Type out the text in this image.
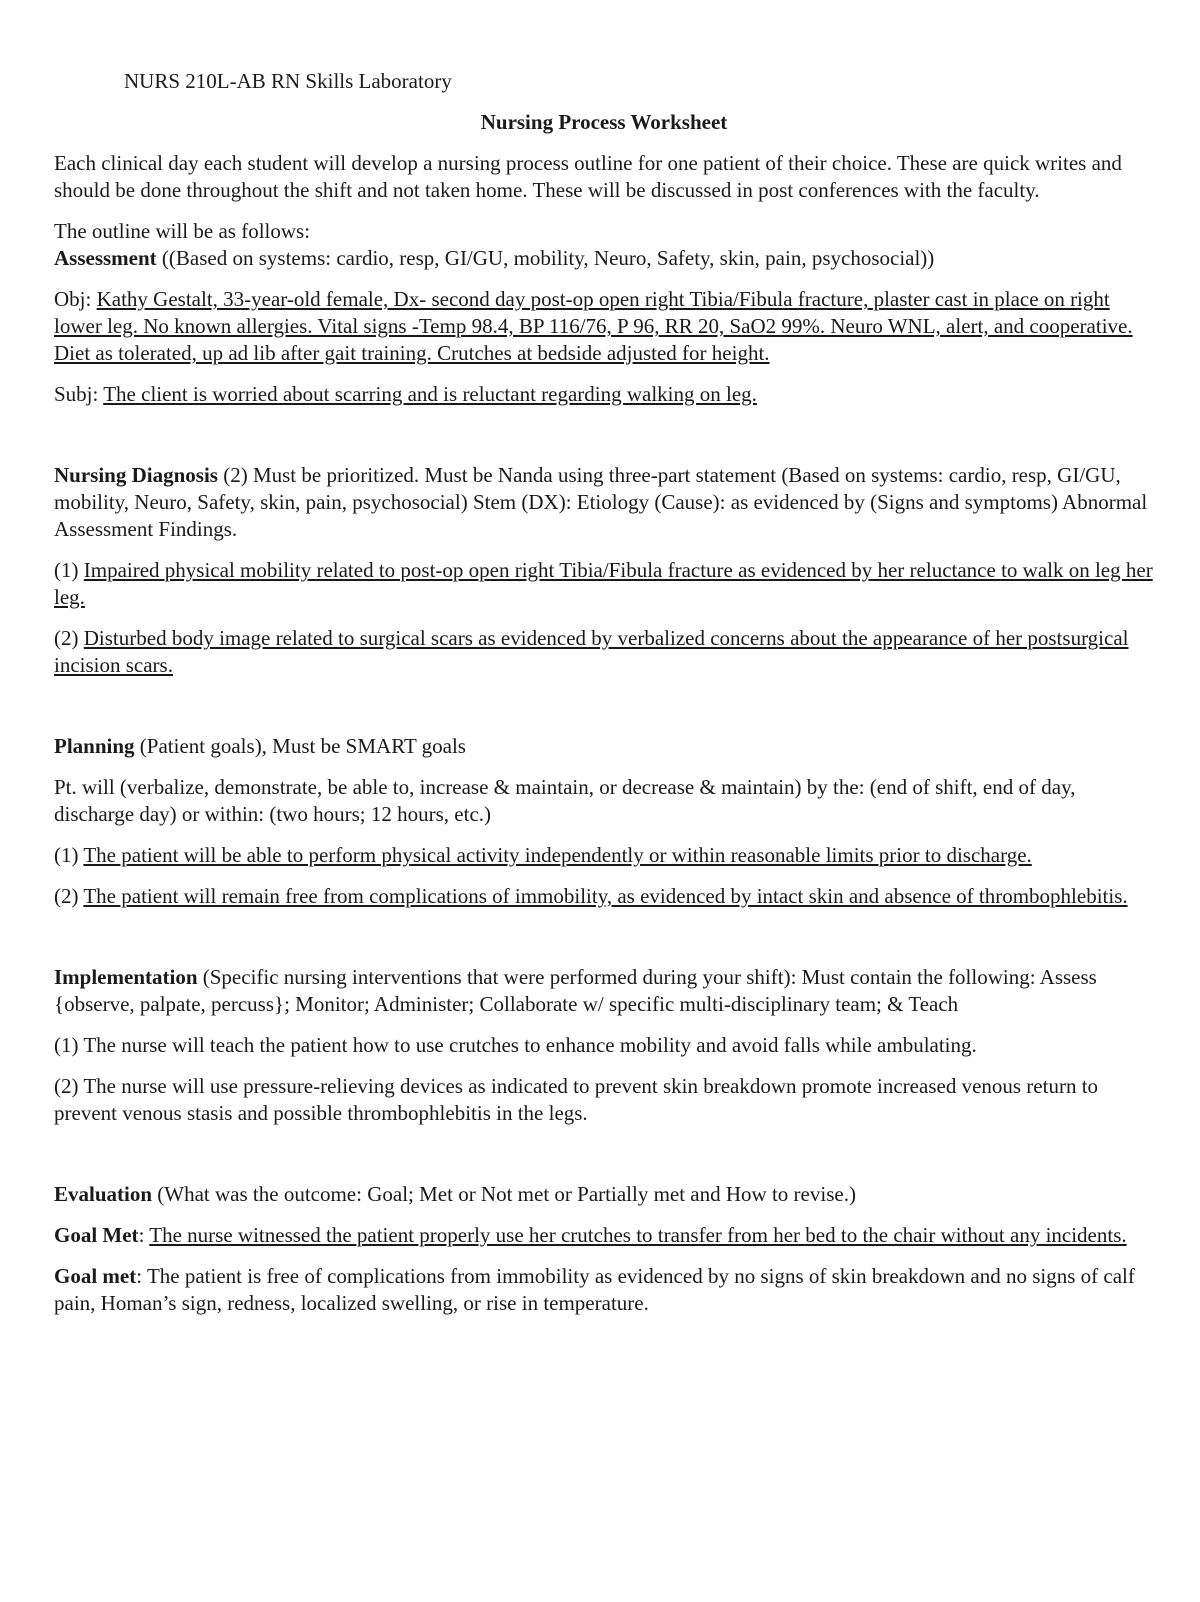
NURS 210L-AB RN Skills Laboratory
Nursing Process Worksheet

Each clinical day each student will develop a nursing process outline for one patient of their choice. These are quick writes and should be done throughout the shift and not taken home. These will be discussed in post conferences with the faculty.

The outline will be as follows:

Assessment ((Based on systems: cardio, resp, GI/GU, mobility, Neuro, Safety, skin, pain, psychosocial))

Obj: Kathy Gestalt, 33-year-old female, Dx- second day post-op open right Tibia/Fibula fracture, plaster cast in place on right lower leg. No known allergies. Vital signs -Temp 98.4, BP 116/76, P 96, RR 20, SaO2 99%. Neuro WNL, alert, and cooperative. Diet as tolerated, up ad lib after gait training. Crutches at bedside adjusted for height.

Subj: The client is worried about scarring and is reluctant regarding walking on leg.

Nursing Diagnosis (2) Must be prioritized. Must be Nanda using three-part statement (Based on systems: cardio, resp, GI/GU, mobility, Neuro, Safety, skin, pain, psychosocial) Stem (DX): Etiology (Cause): as evidenced by (Signs and symptoms) Abnormal Assessment Findings.

(1) Impaired physical mobility related to post-op open right Tibia/Fibula fracture as evidenced by her reluctance to walk on leg her leg.

(2) Disturbed body image related to surgical scars as evidenced by verbalized concerns about the appearance of her postsurgical incision scars.

Planning (Patient goals), Must be SMART goals

Pt. will (verbalize, demonstrate, be able to, increase & maintain, or decrease & maintain) by the: (end of shift, end of day, discharge day) or within: (two hours; 12 hours, etc.)

(1) The patient will be able to perform physical activity independently or within reasonable limits prior to discharge.

(2) The patient will remain free from complications of immobility, as evidenced by intact skin and absence of thrombophlebitis.

Implementation (Specific nursing interventions that were performed during your shift): Must contain the following: Assess {observe, palpate, percuss}; Monitor; Administer; Collaborate w/ specific multi-disciplinary team; & Teach

(1) The nurse will teach the patient how to use crutches to enhance mobility and avoid falls while ambulating.

(2) The nurse will use pressure-relieving devices as indicated to prevent skin breakdown promote increased venous return to prevent venous stasis and possible thrombophlebitis in the legs.

Evaluation (What was the outcome: Goal; Met or Not met or Partially met and How to revise.)

Goal Met: The nurse witnessed the patient properly use her crutches to transfer from her bed to the chair without any incidents.

Goal met: The patient is free of complications from immobility as evidenced by no signs of skin breakdown and no signs of calf pain, Homan’s sign, redness, localized swelling, or rise in temperature.
